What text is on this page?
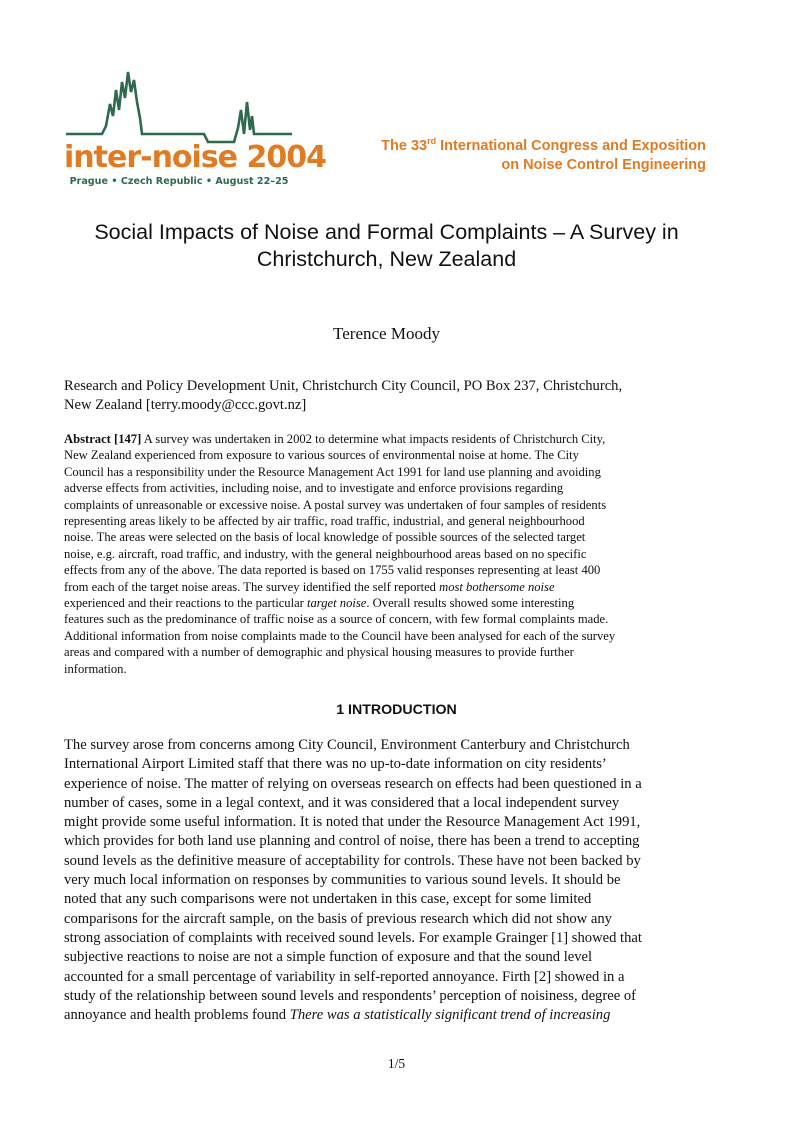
inter-noise 2004
Prague • Czech Republic • August 22–25
The 33rd International Congress and Exposition
on Noise Control Engineering
Social Impacts of Noise and Formal Complaints – A Survey in
Christchurch, New Zealand
Terence Moody
Research and Policy Development Unit, Christchurch City Council, PO Box 237, Christchurch,
New Zealand [terry.moody@ccc.govt.nz]
Abstract [147] A survey was undertaken in 2002 to determine what impacts residents of Christchurch City,
New Zealand experienced from exposure to various sources of environmental noise at home. The City
Council has a responsibility under the Resource Management Act 1991 for land use planning and avoiding
adverse effects from activities, including noise, and to investigate and enforce provisions regarding
complaints of unreasonable or excessive noise. A postal survey was undertaken of four samples of residents
representing areas likely to be affected by air traffic, road traffic, industrial, and general neighbourhood
noise. The areas were selected on the basis of local knowledge of possible sources of the selected target
noise, e.g. aircraft, road traffic, and industry, with the general neighbourhood areas based on no specific
effects from any of the above. The data reported is based on 1755 valid responses representing at least 400
from each of the target noise areas. The survey identified the self reported most bothersome noise
experienced and their reactions to the particular target noise. Overall results showed some interesting
features such as the predominance of traffic noise as a source of concern, with few formal complaints made.
Additional information from noise complaints made to the Council have been analysed for each of the survey
areas and compared with a number of demographic and physical housing measures to provide further
information.
1 INTRODUCTION
The survey arose from concerns among City Council, Environment Canterbury and Christchurch
International Airport Limited staff that there was no up-to-date information on city residents’
experience of noise. The matter of relying on overseas research on effects had been questioned in a
number of cases, some in a legal context, and it was considered that a local independent survey
might provide some useful information. It is noted that under the Resource Management Act 1991,
which provides for both land use planning and control of noise, there has been a trend to accepting
sound levels as the definitive measure of acceptability for controls. These have not been backed by
very much local information on responses by communities to various sound levels. It should be
noted that any such comparisons were not undertaken in this case, except for some limited
comparisons for the aircraft sample, on the basis of previous research which did not show any
strong association of complaints with received sound levels. For example Grainger [1] showed that
subjective reactions to noise are not a simple function of exposure and that the sound level
accounted for a small percentage of variability in self-reported annoyance. Firth [2] showed in a
study of the relationship between sound levels and respondents’ perception of noisiness, degree of
annoyance and health problems found There was a statistically significant trend of increasing
1/5
